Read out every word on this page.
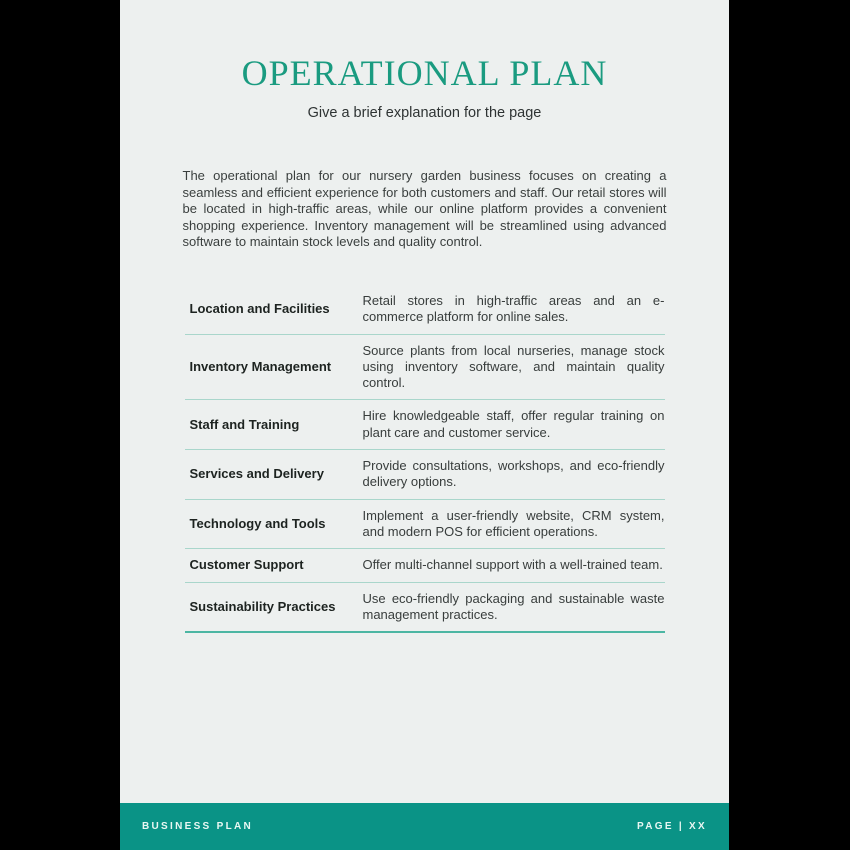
OPERATIONAL PLAN

Give a brief explanation for the page

The operational plan for our nursery garden business focuses on creating a seamless and efficient experience for both customers and staff. Our retail stores will be located in high-traffic areas, while our online platform provides a convenient shopping experience. Inventory management will be streamlined using advanced software to maintain stock levels and quality control.

Location and Facilities
Retail stores in high-traffic areas and an e-commerce platform for online sales.
Inventory Management
Source plants from local nurseries, manage stock using inventory software, and maintain quality control.
Staff and Training
Hire knowledgeable staff, offer regular training on plant care and customer service.
Services and Delivery
Provide consultations, workshops, and eco-friendly delivery options.
Technology and Tools
Implement a user-friendly website, CRM system, and modern POS for efficient operations.
Customer Support	Offer multi-channel support with a well-trained team.
Sustainability Practices
Use eco-friendly packaging and sustainable waste management practices.
BUSINESS PLAN	PAGE | XX
